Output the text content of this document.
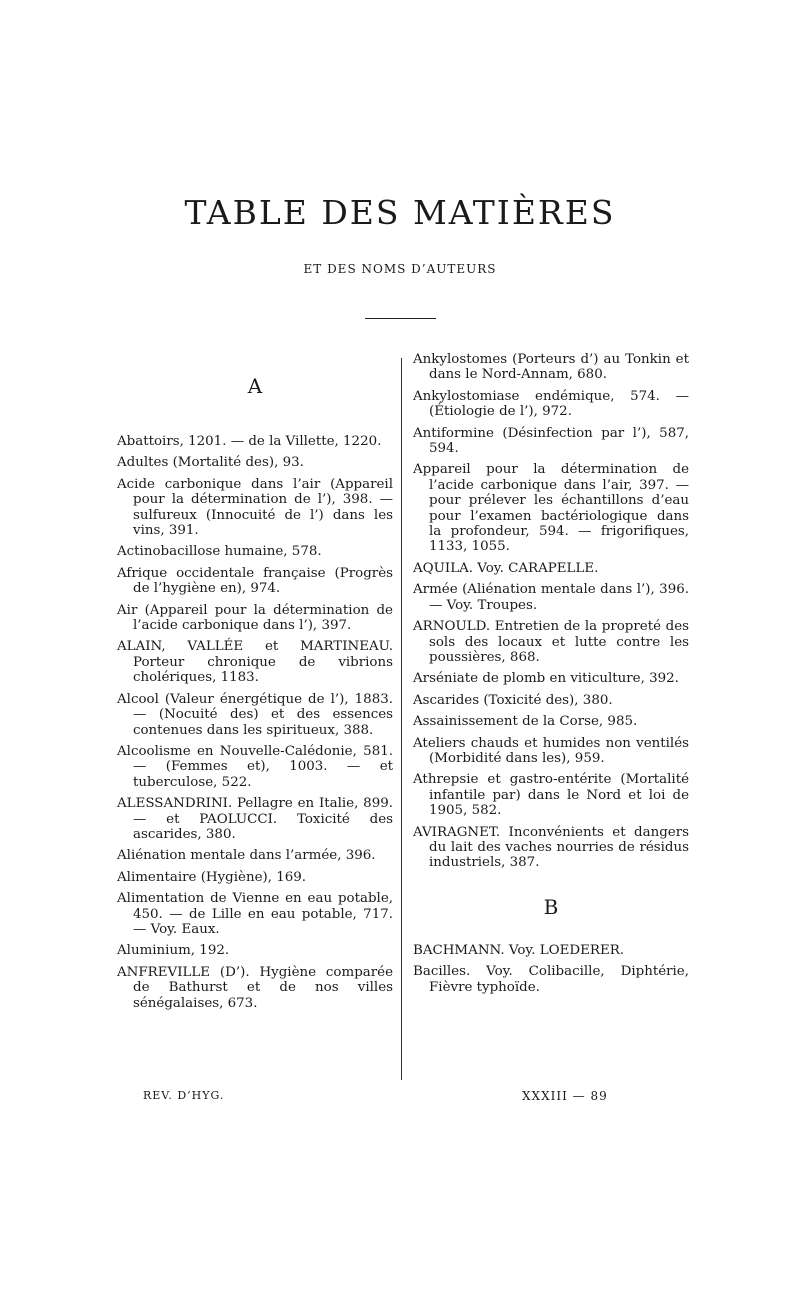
TABLE DES MATIÈRES
ET DES NOMS D’AUTEURS
A

Abattoirs, 1201. — de la Villette, 1220.

Adultes (Mortalité des), 93.

Acide carbonique dans l’air (Appareil pour la détermination de l’), 398. — sulfureux (Innocuité de l’) dans les vins, 391.

Actinobacillose humaine, 578.

Afrique occidentale française (Progrès de l’hygiène en), 974.

Air (Appareil pour la détermination de l’acide carbonique dans l’), 397.

ALAIN, VALLÉE et MARTINEAU. Porteur chronique de vibrions cholériques, 1183.

Alcool (Valeur énergétique de l’), 1883. — (Nocuité des) et des essences contenues dans les spiritueux, 388.

Alcoolisme en Nouvelle-Calédonie, 581. — (Femmes et), 1003. — et tuberculose, 522.

ALESSANDRINI. Pellagre en Italie, 899. — et PAOLUCCI. Toxicité des ascarides, 380.

Aliénation mentale dans l’armée, 396.

Alimentaire (Hygiène), 169.

Alimentation de Vienne en eau potable, 450. — de Lille en eau potable, 717. — Voy. Eaux.

Aluminium, 192.

ANFREVILLE (D’). Hygiène comparée de Bathurst et de nos villes sénégalaises, 673.

Ankylostomes (Porteurs d’) au Tonkin et dans le Nord-Annam, 680.

Ankylostomiase endémique, 574. — (Étiologie de l’), 972.

Antiformine (Désinfection par l’), 587, 594.

Appareil pour la détermination de l’acide carbonique dans l’air, 397. — pour prélever les échantillons d’eau pour l’examen bactériologique dans la profondeur, 594. — frigorifiques, 1133, 1055.

AQUILA. Voy. CARAPELLE.

Armée (Aliénation mentale dans l’), 396. — Voy. Troupes.

ARNOULD. Entretien de la propreté des sols des locaux et lutte contre les poussières, 868.

Arséniate de plomb en viticulture, 392.

Ascarides (Toxicité des), 380.

Assainissement de la Corse, 985.

Ateliers chauds et humides non ventilés (Morbidité dans les), 959.

Athrepsie et gastro-entérite (Mortalité infantile par) dans le Nord et loi de 1905, 582.

AVIRAGNET. Inconvénients et dangers du lait des vaches nourries de résidus industriels, 387.

B

BACHMANN. Voy. LOEDERER.

Bacilles. Voy. Colibacille, Diphtérie, Fièvre typhoïde.

REV. D’HYG.	XXXIII — 89
